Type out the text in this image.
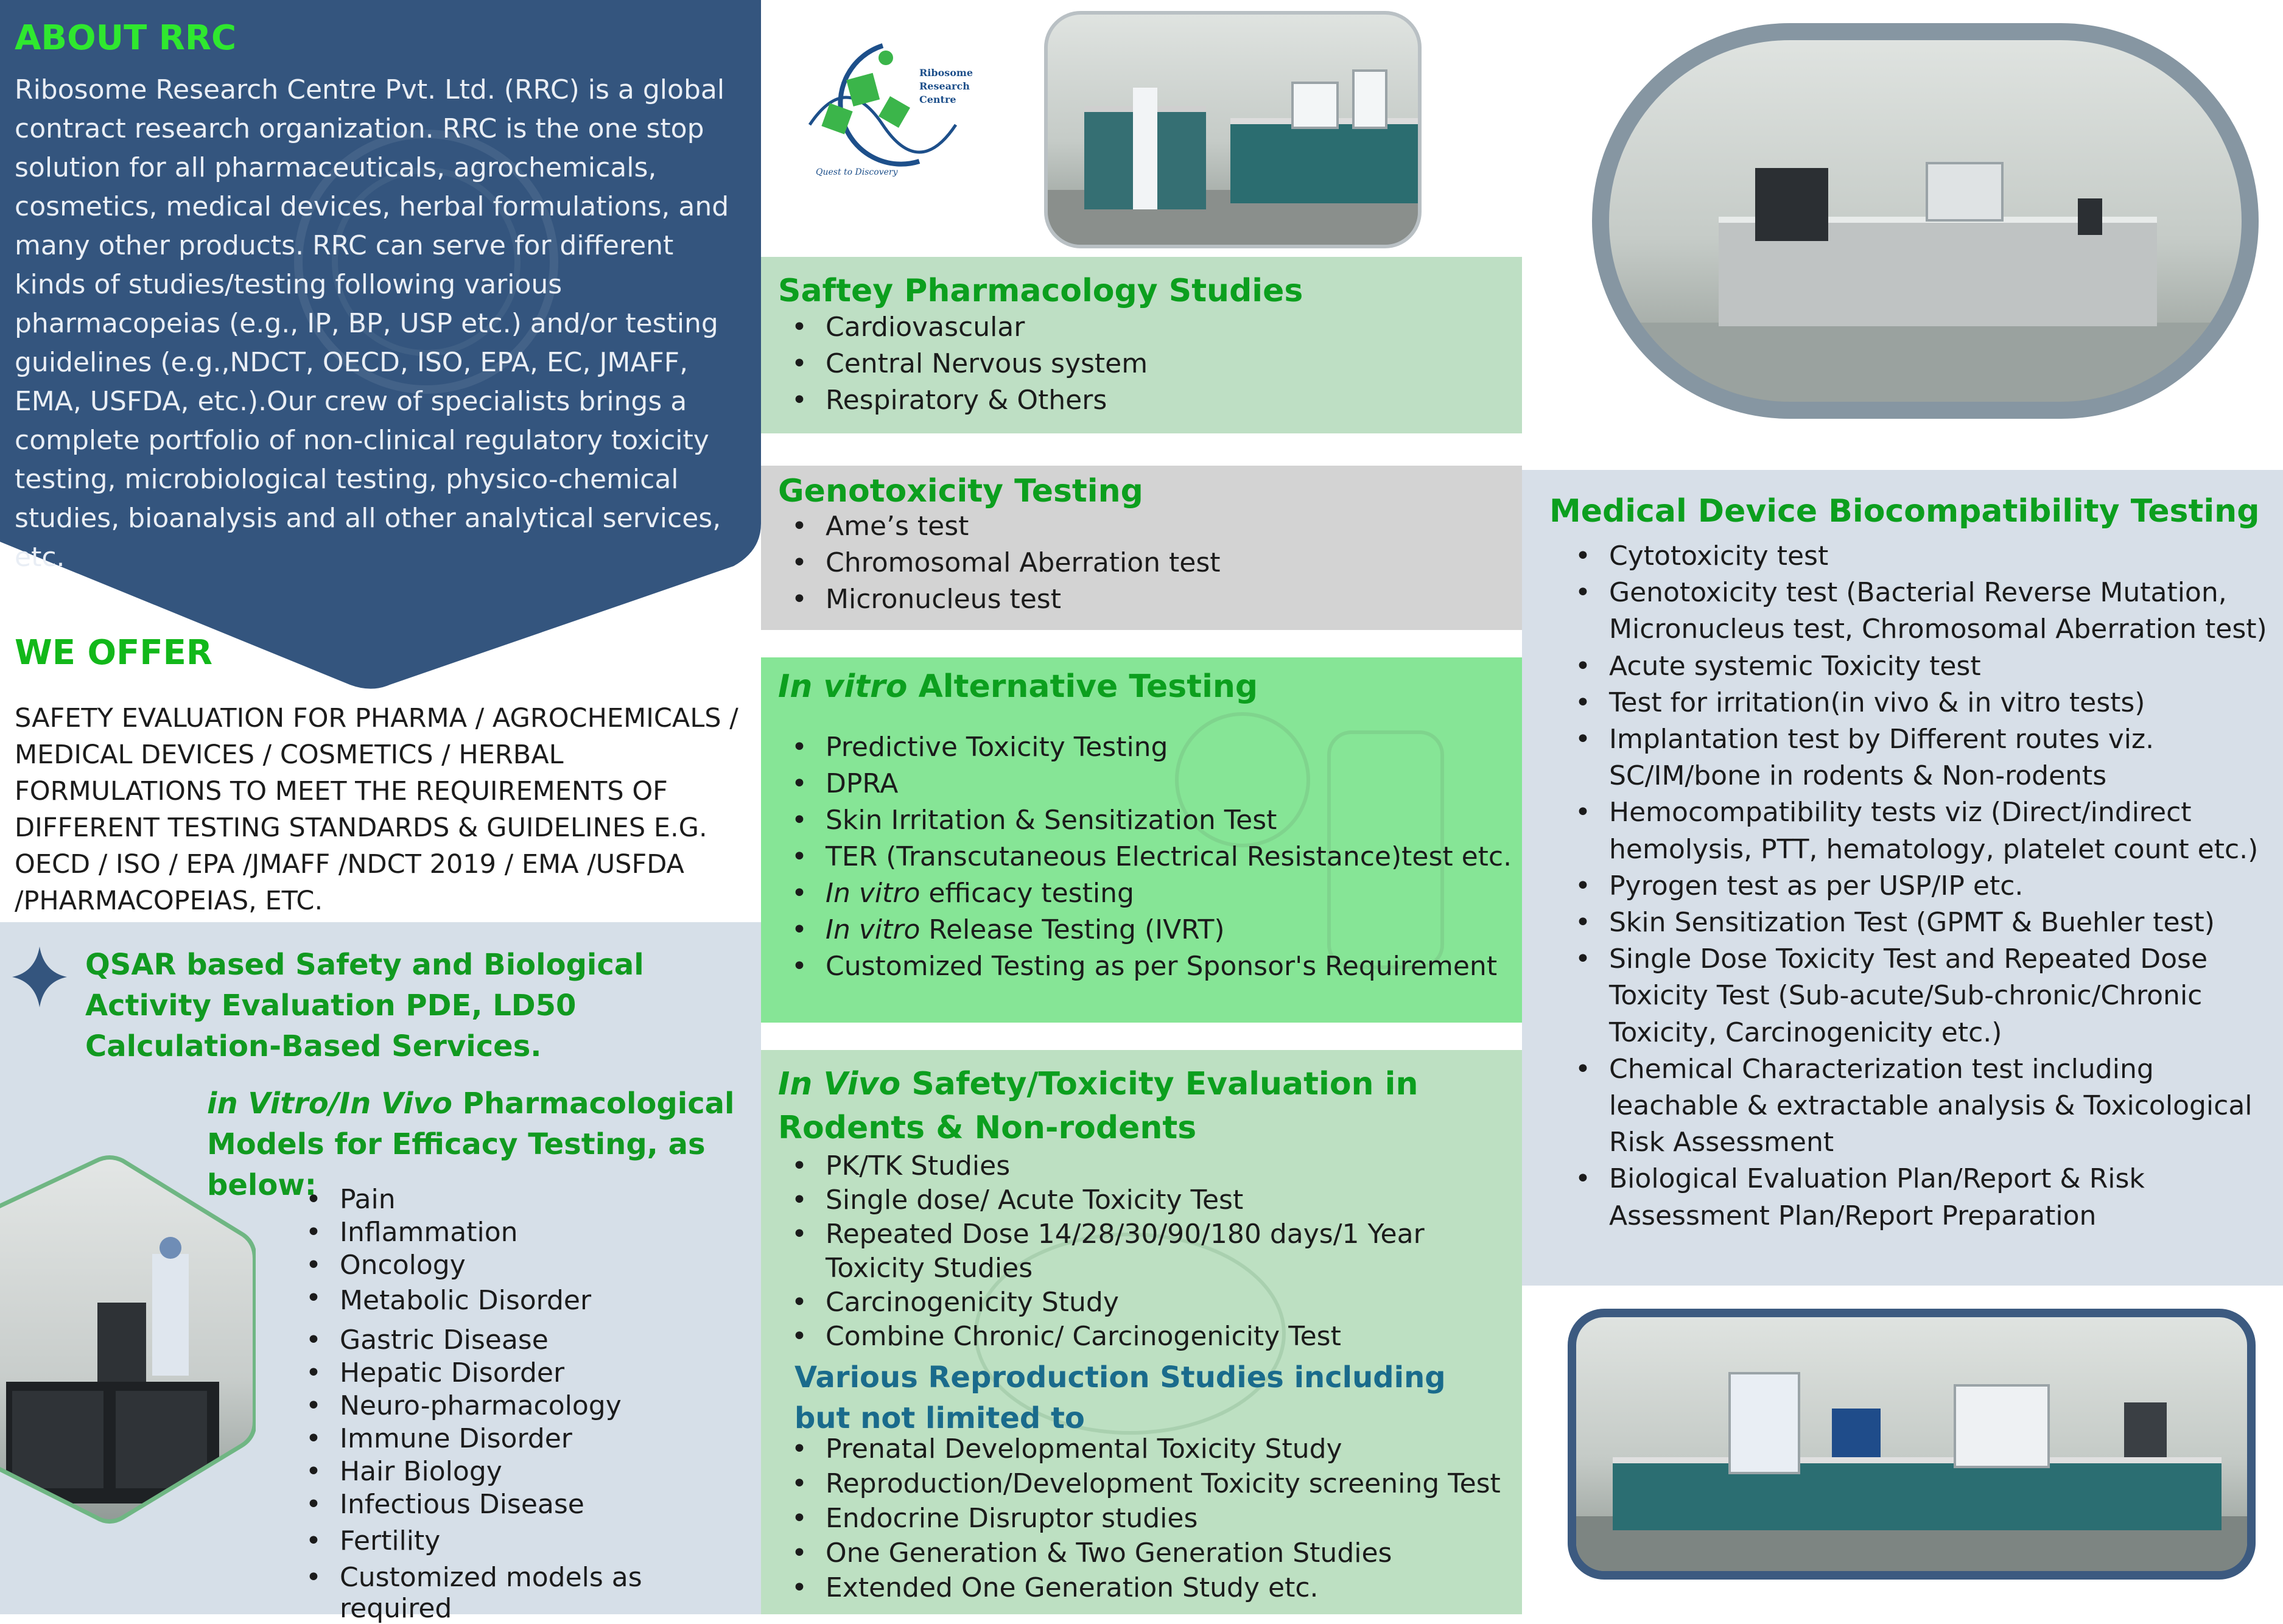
ABOUT RRC
Ribosome Research Centre Pvt. Ltd. (RRC) is a global contract research organization. RRC is the one stop solution for all pharmaceuticals, agrochemicals, cosmetics, medical devices, herbal formulations, and many other products. RRC can serve for different kinds of studies/testing following various pharmacopeias (e.g., IP, BP, USP etc.) and/or testing guidelines (e.g.,NDCT, OECD, ISO, EPA, EC, JMAFF, EMA, USFDA, etc.).Our crew of specialists brings a complete portfolio of non-clinical regulatory toxicity testing, microbiological testing, physico-chemical studies, bioanalysis and all other analytical services, etc.
WE OFFER
SAFETY EVALUATION FOR PHARMA / AGROCHEMICALS / MEDICAL DEVICES / COSMETICS / HERBAL FORMULATIONS TO MEET THE REQUIREMENTS OF DIFFERENT TESTING STANDARDS & GUIDELINES E.G. OECD / ISO / EPA /JMAFF /NDCT 2019 / EMA /USFDA /PHARMACOPEIAS, ETC.
QSAR based Safety and Biological Activity Evaluation PDE, LD50 Calculation-Based Services.
in Vitro/In Vivo Pharmacological Models for Efficacy Testing, as below:
• Pain
• Inflammation
• Oncology
• Metabolic Disorder
• Gastric Disease
• Hepatic Disorder
• Neuro-pharmacology
• Immune Disorder
• Hair Biology
• Infectious Disease
• Fertility
• Customized models as required
Ribosome
Research
Centre
Quest to Discovery
Saftey Pharmacology Studies
• Cardiovascular
• Central Nervous system
• Respiratory & Others
Genotoxicity Testing
• Ame’s test
• Chromosomal Aberration test
• Micronucleus test
In vitro Alternative Testing
• Predictive Toxicity Testing
• DPRA
• Skin Irritation & Sensitization Test
• TER (Transcutaneous Electrical Resistance)test etc.
• In vitro efficacy testing
• In vitro Release Testing (IVRT)
• Customized Testing as per Sponsor's Requirement
In Vivo Safety/Toxicity Evaluation in Rodents & Non-rodents
• PK/TK Studies
• Single dose/ Acute Toxicity Test
• Repeated Dose 14/28/30/90/180 days/1 Year Toxicity Studies
• Carcinogenicity Study
• Combine Chronic/ Carcinogenicity Test
Various Reproduction Studies including but not limited to
• Prenatal Developmental Toxicity Study
• Reproduction/Development Toxicity screening Test
• Endocrine Disruptor studies
• One Generation & Two Generation Studies
• Extended One Generation Study etc.
Medical Device Biocompatibility Testing
• Cytotoxicity test
• Genotoxicity test (Bacterial Reverse Mutation, Micronucleus test, Chromosomal Aberration test)
• Acute systemic Toxicity test
• Test for irritation(in vivo & in vitro tests)
• Implantation test by Different routes viz. SC/IM/bone in rodents & Non-rodents
• Hemocompatibility tests viz (Direct/indirect hemolysis, PTT, hematology, platelet count etc.)
• Pyrogen test as per USP/IP etc.
• Skin Sensitization Test (GPMT & Buehler test)
• Single Dose Toxicity Test and Repeated Dose Toxicity Test (Sub-acute/Sub-chronic/Chronic Toxicity, Carcinogenicity etc.)
• Chemical Characterization test including leachable & extractable analysis & Toxicological Risk Assessment
• Biological Evaluation Plan/Report & Risk Assessment Plan/Report Preparation
